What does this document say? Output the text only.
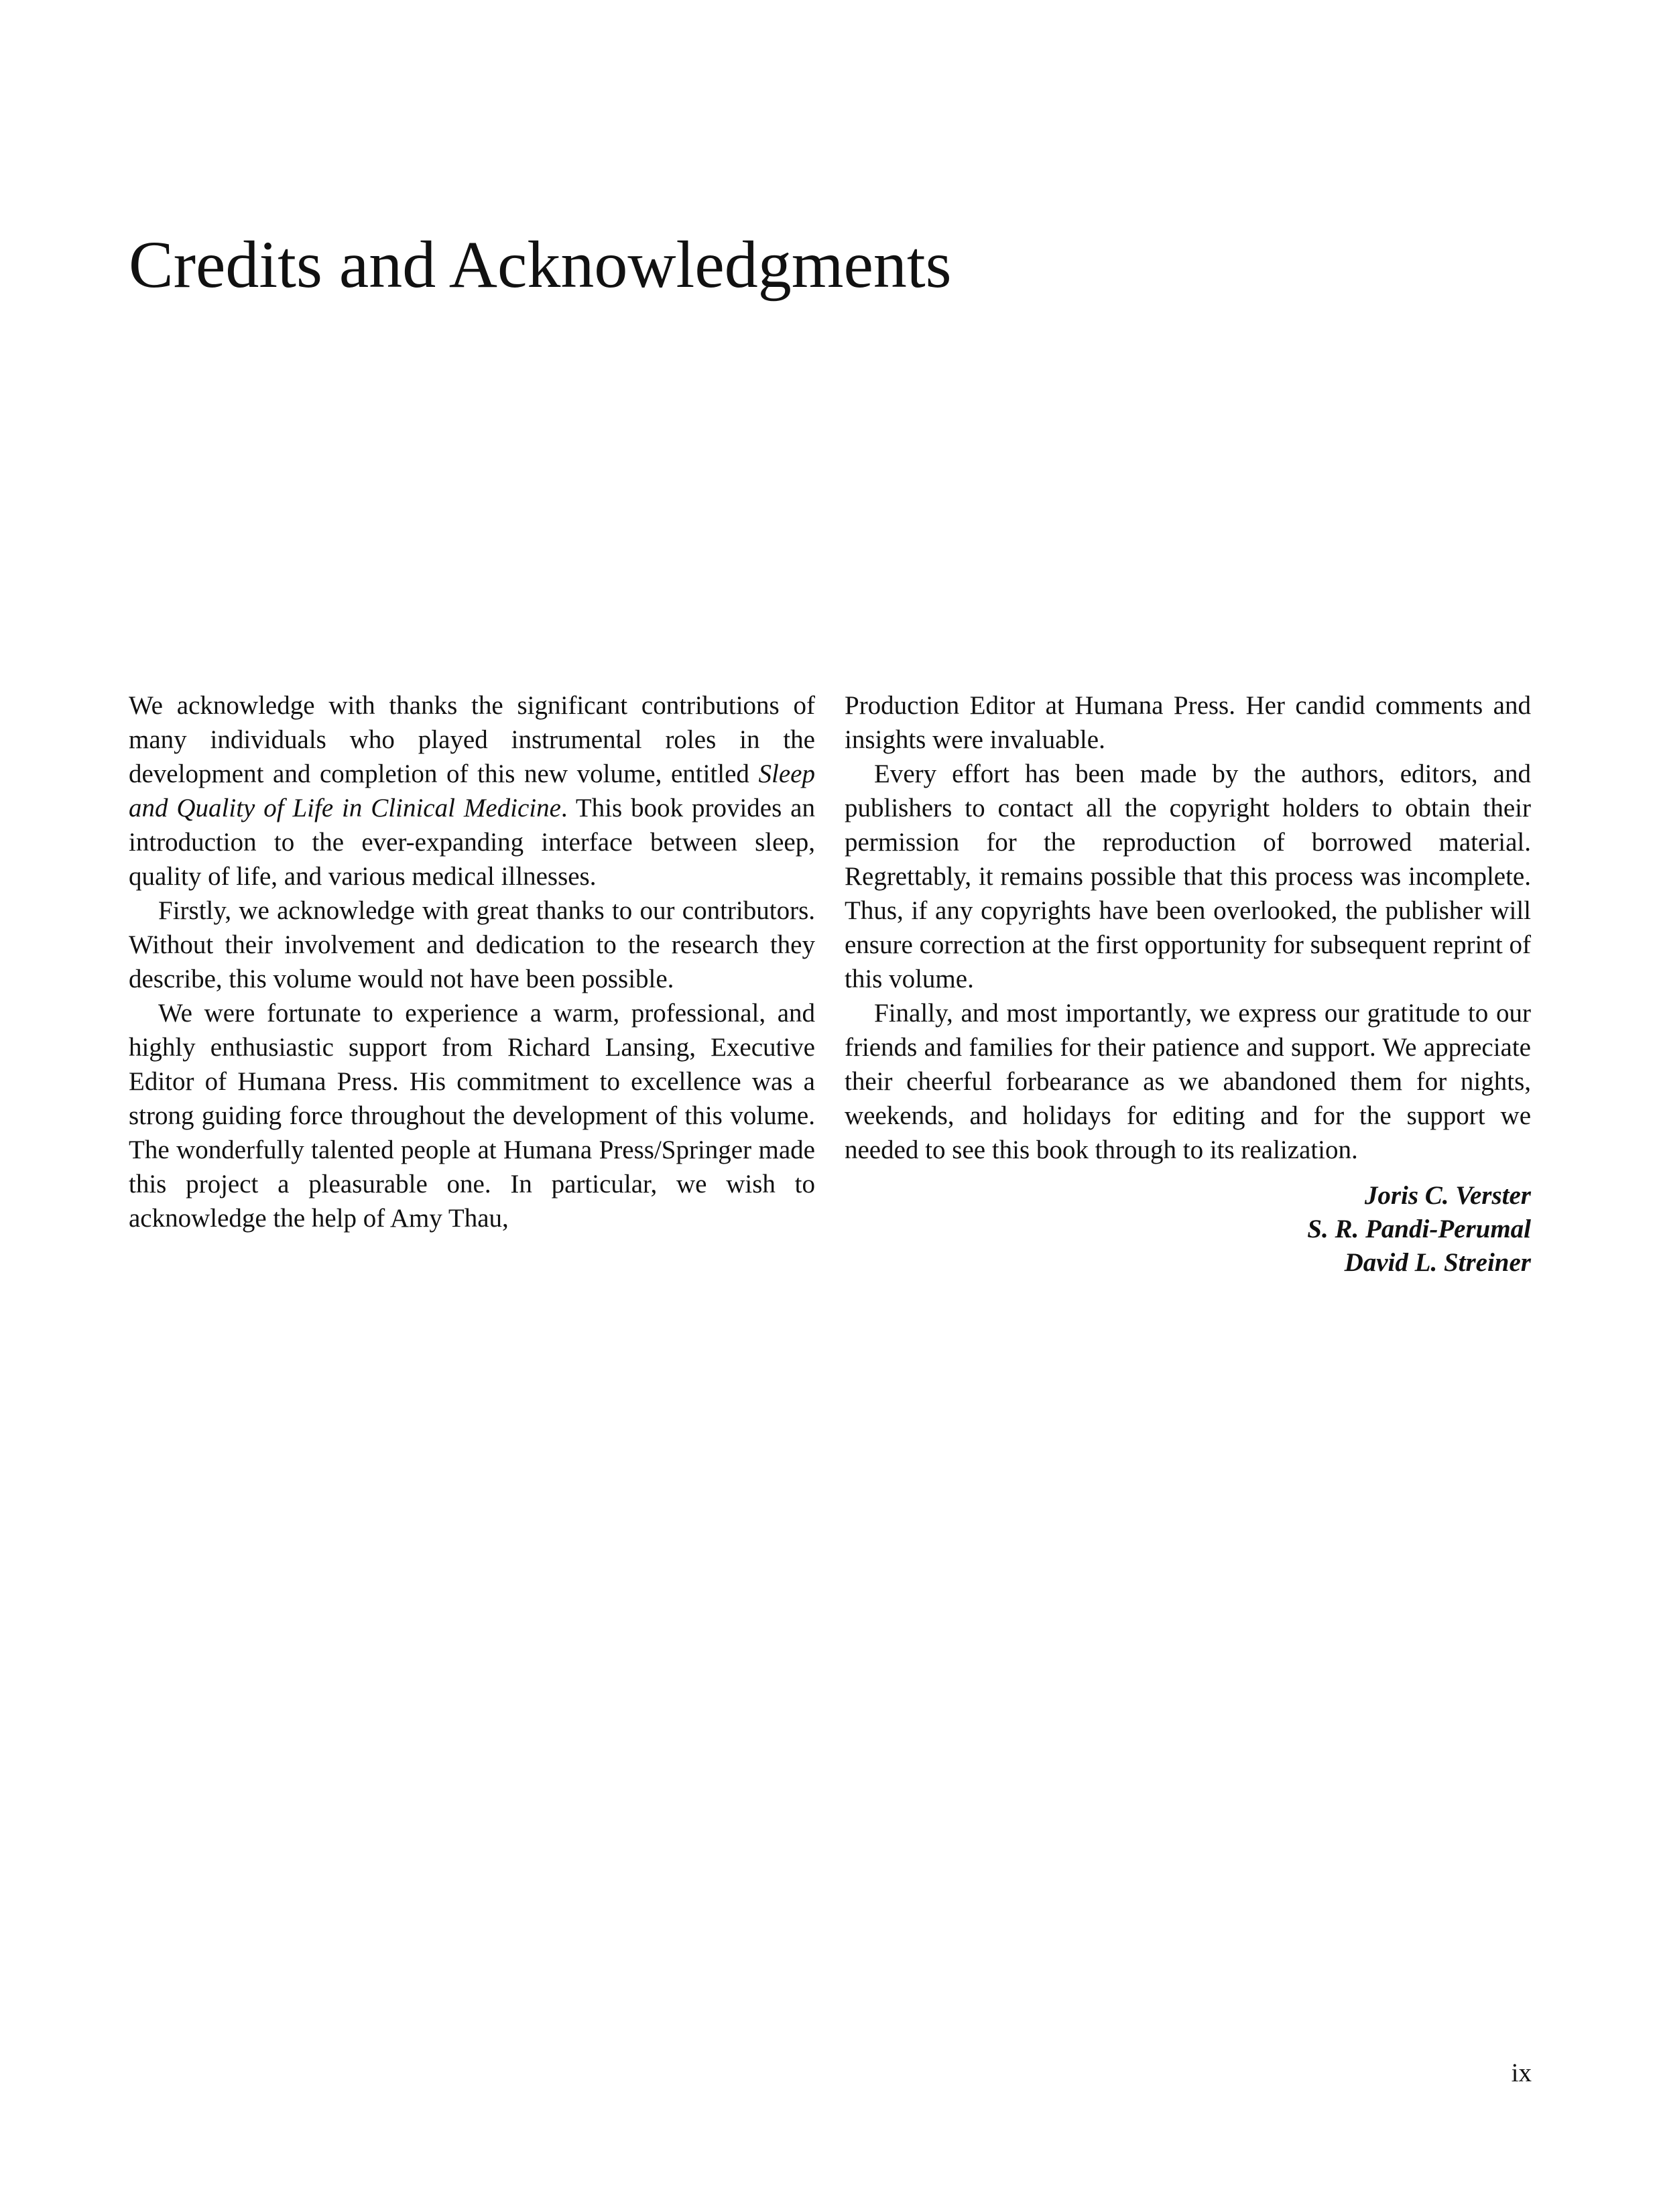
Credits and Acknowledgments

We acknowledge with thanks the significant contributions of many individuals who played instrumental roles in the development and completion of this new volume, entitled Sleep and Quality of Life in Clinical Medicine. This book provides an introduction to the ever-expanding interface between sleep, quality of life, and various medical illnesses.

Firstly, we acknowledge with great thanks to our contributors. Without their involvement and dedication to the research they describe, this volume would not have been possible.

We were fortunate to experience a warm, professional, and highly enthusiastic support from Richard Lansing, Executive Editor of Humana Press. His commitment to excellence was a strong guiding force throughout the development of this volume. The wonderfully talented people at Humana Press/Springer made this project a pleasurable one. In particular, we wish to acknowledge the help of Amy Thau,

Production Editor at Humana Press. Her candid comments and insights were invaluable.

Every effort has been made by the authors, editors, and publishers to contact all the copyright holders to obtain their permission for the reproduction of borrowed material. Regrettably, it remains possible that this process was incomplete. Thus, if any copyrights have been overlooked, the publisher will ensure correction at the first opportunity for subsequent reprint of this volume.

Finally, and most importantly, we express our gratitude to our friends and families for their patience and support. We appreciate their cheerful forbearance as we abandoned them for nights, weekends, and holidays for editing and for the support we needed to see this book through to its realization.

Joris C. Verster
S. R. Pandi-Perumal
David L. Streiner
ix
